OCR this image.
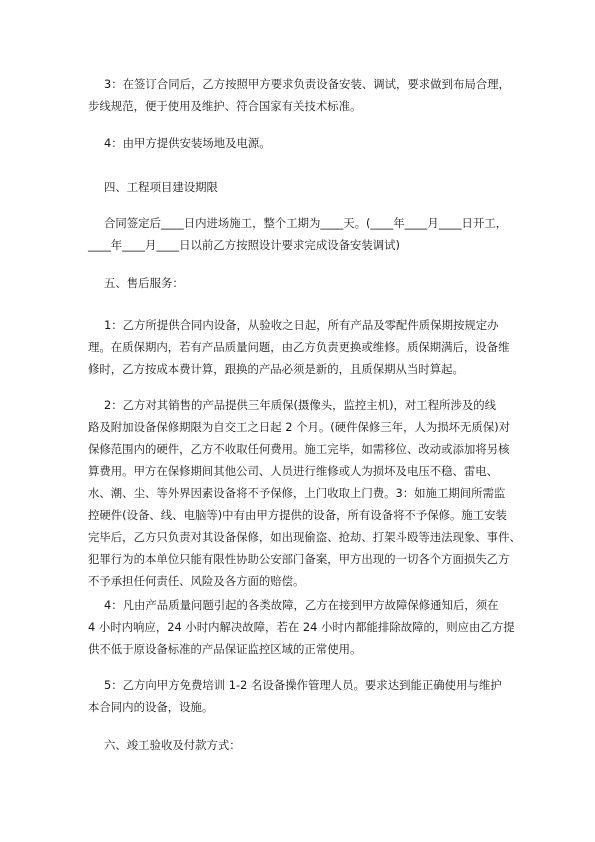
3：在签订合同后，乙方按照甲方要求负责设备安装、调试，要求做到布局合理，
步线规范，便于使用及维护、符合国家有关技术标准。
4：由甲方提供安装场地及电源。
四、工程项目建设期限
合同签定后____日内进场施工，整个工期为____天。(____年____月____日开工，
____年____月____日以前乙方按照设计要求完成设备安装调试)
五、售后服务：
1：乙方所提供合同内设备，从验收之日起，所有产品及零配件质保期按规定办
理。在质保期内，若有产品质量问题，由乙方负责更换或维修。质保期满后，设备维
修时，乙方按成本费计算，跟换的产品必须是新的，且质保期从当时算起。
2：乙方对其销售的产品提供三年质保(摄像头，监控主机)，对工程所涉及的线
路及附加设备保修期限为自交工之日起 2 个月。(硬件保修三年，人为损坏无质保)对
保修范围内的硬件，乙方不收取任何费用。施工完毕，如需移位、改动或添加将另核
算费用。甲方在保修期间其他公司、人员进行维修或人为损坏及电压不稳、雷电、
水、潮、尘、等外界因素设备将不予保修，上门收取上门费。3：如施工期间所需监
控硬件(设备、线、电脑等)中有由甲方提供的设备，所有设备将不予保修。施工安装
完毕后，乙方只负责对其设备保修，如出现偷盗、抢劫、打架斗殴等违法现象、事件、
犯罪行为的本单位只能有限性协助公安部门备案，甲方出现的一切各个方面损失乙方
不予承担任何责任、风险及各方面的赔偿。
4：凡由产品质量问题引起的各类故障，乙方在接到甲方故障保修通知后，须在
4 小时内响应，24 小时内解决故障，若在 24 小时内都能排除故障的，则应由乙方提
供不低于原设备标准的产品保证监控区域的正常使用。
5：乙方向甲方免费培训 1-2 名设备操作管理人员。要求达到能正确使用与维护
本合同内的设备，设施。
六、竣工验收及付款方式：
